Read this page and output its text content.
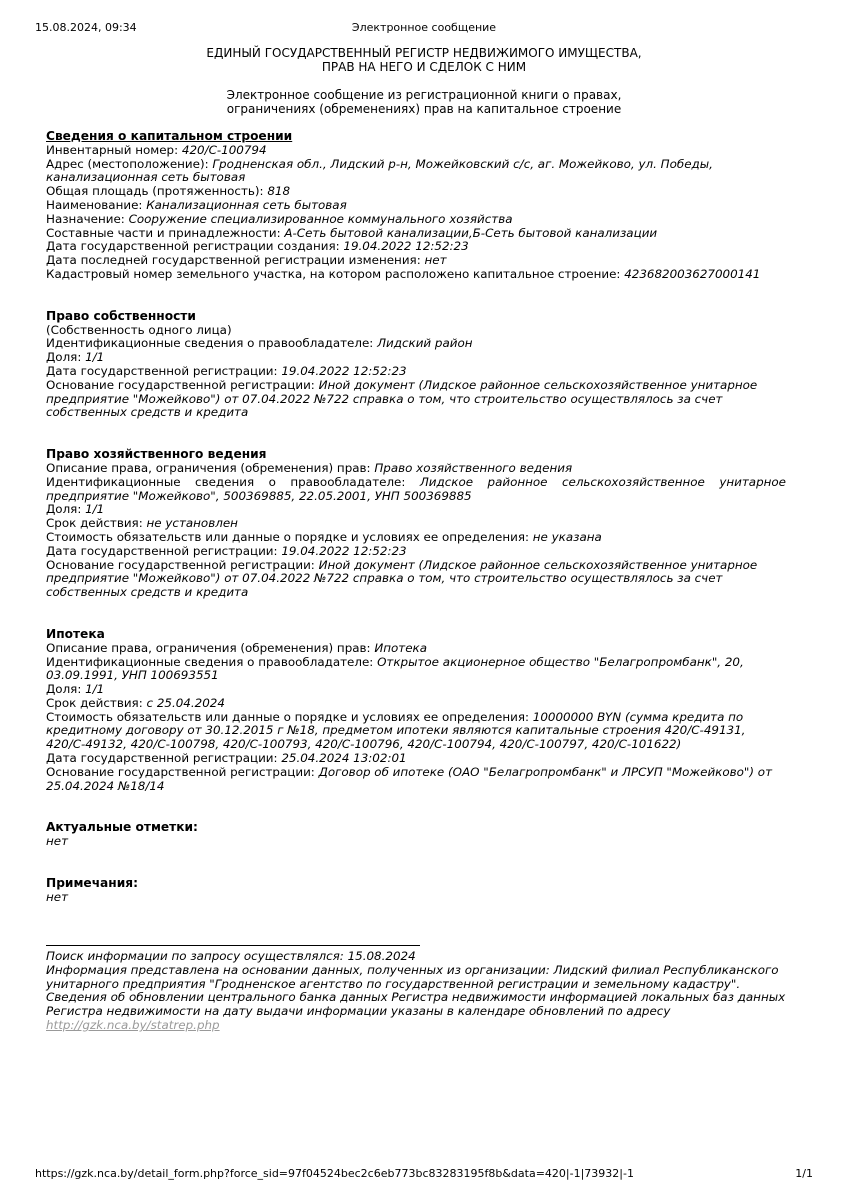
Электронное сообщение
15.08.2024, 09:34
ЕДИНЫЙ ГОСУДАРСТВЕННЫЙ РЕГИСТР НЕДВИЖИМОГО ИМУЩЕСТВА,
ПРАВ НА НЕГО И СДЕЛОК С НИМ
Электронное сообщение из регистрационной книги о правах,
ограничениях (обременениях) прав на капитальное строение

Сведения о капитальном строении

Инвентарный номер: 420/C-100794

Адрес (местоположение): Гродненская обл., Лидский р-н, Можейковский с/с, аг. Можейково, ул. Победы, канализационная сеть бытовая

Общая площадь (протяженность): 818

Наименование: Канализационная сеть бытовая

Назначение: Сооружение специализированное коммунального хозяйства

Составные части и принадлежности: А-Сеть бытовой канализации,Б-Сеть бытовой канализации

Дата государственной регистрации создания: 19.04.2022 12:52:23

Дата последней государственной регистрации изменения: нет

Кадастровый номер земельного участка, на котором расположено капитальное строение: 423682003627000141

Право собственности

(Собственность одного лица)

Идентификационные сведения о правообладателе: Лидский район

Доля: 1/1

Дата государственной регистрации: 19.04.2022 12:52:23

Основание государственной регистрации: Иной документ (Лидское районное сельскохозяйственное унитарное предприятие "Можейково") от 07.04.2022 №722 справка о том, что строительство осуществлялось за счет собственных средств и кредита

Право хозяйственного ведения

Описание права, ограничения (обременения) прав: Право хозяйственного ведения

Идентификационные сведения о правообладателе: Лидское районное сельскохозяйственное унитарное предприятие "Можейково", 500369885, 22.05.2001, УНП 500369885

Доля: 1/1

Срок действия: не установлен

Стоимость обязательств или данные о порядке и условиях ее определения: не указана

Дата государственной регистрации: 19.04.2022 12:52:23

Основание государственной регистрации: Иной документ (Лидское районное сельскохозяйственное унитарное предприятие "Можейково") от 07.04.2022 №722 справка о том, что строительство осуществлялось за счет собственных средств и кредита

Ипотека

Описание права, ограничения (обременения) прав: Ипотека

Идентификационные сведения о правообладателе: Открытое акционерное общество "Белагропромбанк", 20, 03.09.1991, УНП 100693551

Доля: 1/1

Срок действия: с 25.04.2024

Стоимость обязательств или данные о порядке и условиях ее определения: 10000000 BYN (сумма кредита по кредитному договору от 30.12.2015 г №18, предметом ипотеки являются капитальные строения 420/C-49131, 420/C-49132, 420/C-100798, 420/C-100793, 420/C-100796, 420/C-100794, 420/C-100797, 420/C-101622)

Дата государственной регистрации: 25.04.2024 13:02:01

Основание государственной регистрации: Договор об ипотеке (ОАО "Белагропромбанк" и ЛРСУП "Можейково") от 25.04.2024 №18/14

Актуальные отметки:

нет

Примечания:

нет

Поиск информации по запросу осуществлялся: 15.08.2024

Информация представлена на основании данных, полученных из организации: Лидский филиал Республиканского унитарного предприятия "Гродненское агентство по государственной регистрации и земельному кадастру".

Сведения об обновлении центрального банка данных Регистра недвижимости информацией локальных баз данных Регистра недвижимости на дату выдачи информации указаны в календаре обновлений по адресу

http://gzk.nca.by/statrep.php

https://gzk.nca.by/detail_form.php?force_sid=97f04524bec2c6eb773bc83283195f8b&data=420|-1|73932|-1	1/1
